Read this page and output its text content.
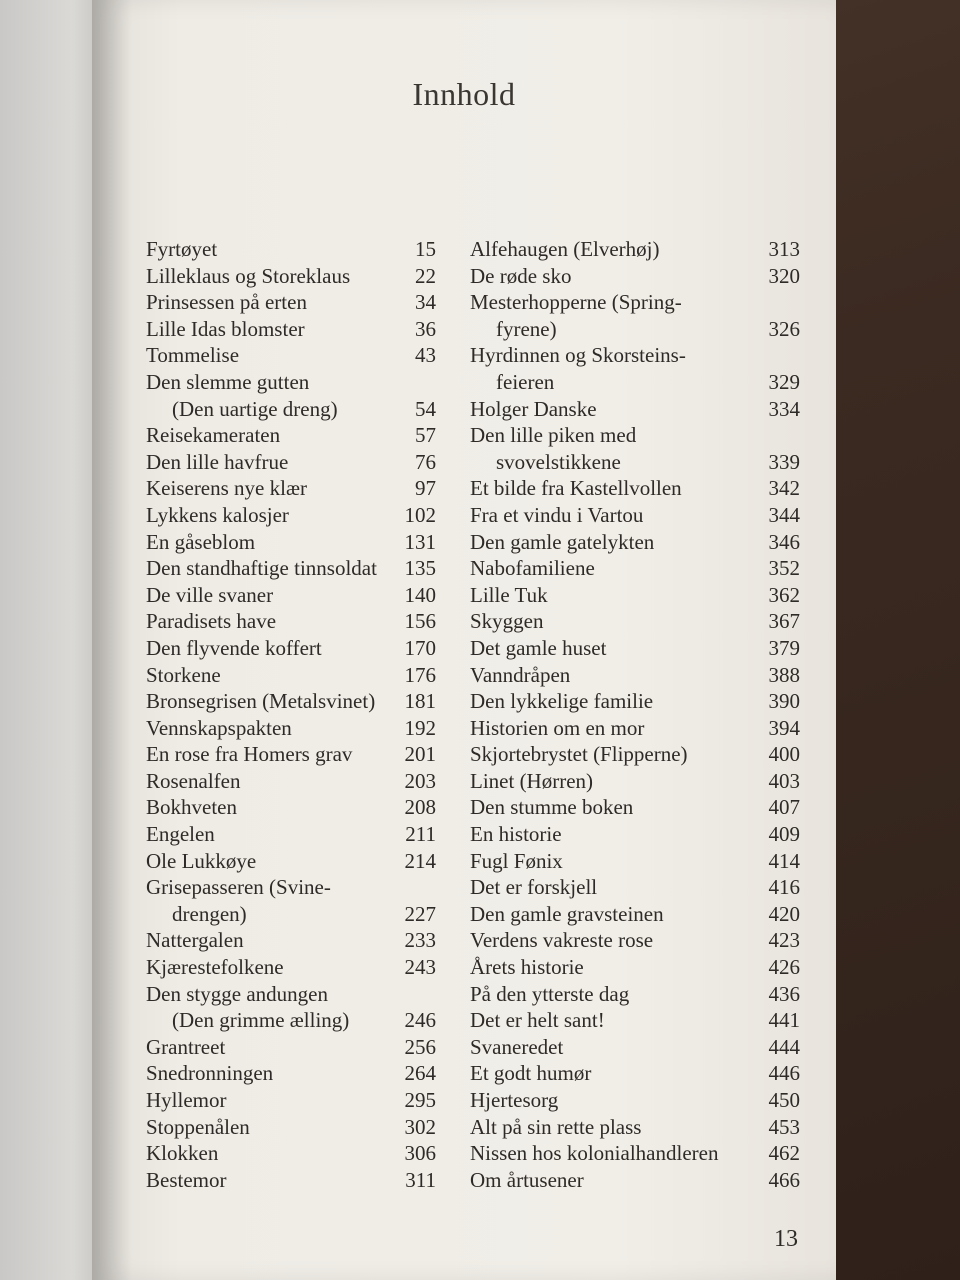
Innhold
Fyrtøyet	15
Lilleklaus og Storeklaus	22
Prinsessen på erten	34
Lille Idas blomster	36
Tommelise	43
Den slemme gutten
(Den uartige dreng)	54
Reisekameraten	57
Den lille havfrue	76
Keiserens nye klær	97
Lykkens kalosjer	102
En gåseblom	131
Den standhaftige tinnsoldat 135
De ville svaner	140
Paradisets have	156
Den flyvende koffert	170
Storkene	176
Bronsegrisen (Metalsvinet) 181
Vennskapspakten	192
En rose fra Homers grav 201
Rosenalfen	203
Bokhveten	208
Engelen	211
Ole Lukkøye	214
Grisepasseren (Svine-
drengen)	227
Nattergalen	233
Kjærestefolkene	243
Den stygge andungen
(Den grimme ælling)	246
Grantreet	256
Snedronningen	264
Hyllemor	295
Stoppenålen	302
Klokken	306
Bestemor	311
Alfehaugen (Elverhøj)	313
De røde sko	320
Mesterhopperne (Spring-
fyrene)	326
Hyrdinnen og Skorsteins-
feieren	329
Holger Danske	334
Den lille piken med
svovelstikkene	339
Et bilde fra Kastellvollen	342
Fra et vindu i Vartou	344
Den gamle gatelykten	346
Nabofamiliene	352
Lille Tuk	362
Skyggen	367
Det gamle huset	379
Vanndråpen	388
Den lykkelige familie	390
Historien om en mor	394
Skjortebrystet (Flipperne)	400
Linet (Hørren)	403
Den stumme boken	407
En historie	409
Fugl Fønix	414
Det er forskjell	416
Den gamle gravsteinen	420
Verdens vakreste rose	423
Årets historie	426
På den ytterste dag	436
Det er helt sant!	441
Svaneredet	444
Et godt humør	446
Hjertesorg	450
Alt på sin rette plass	453
Nissen hos kolonialhandleren 462
Om årtusener	466
13
